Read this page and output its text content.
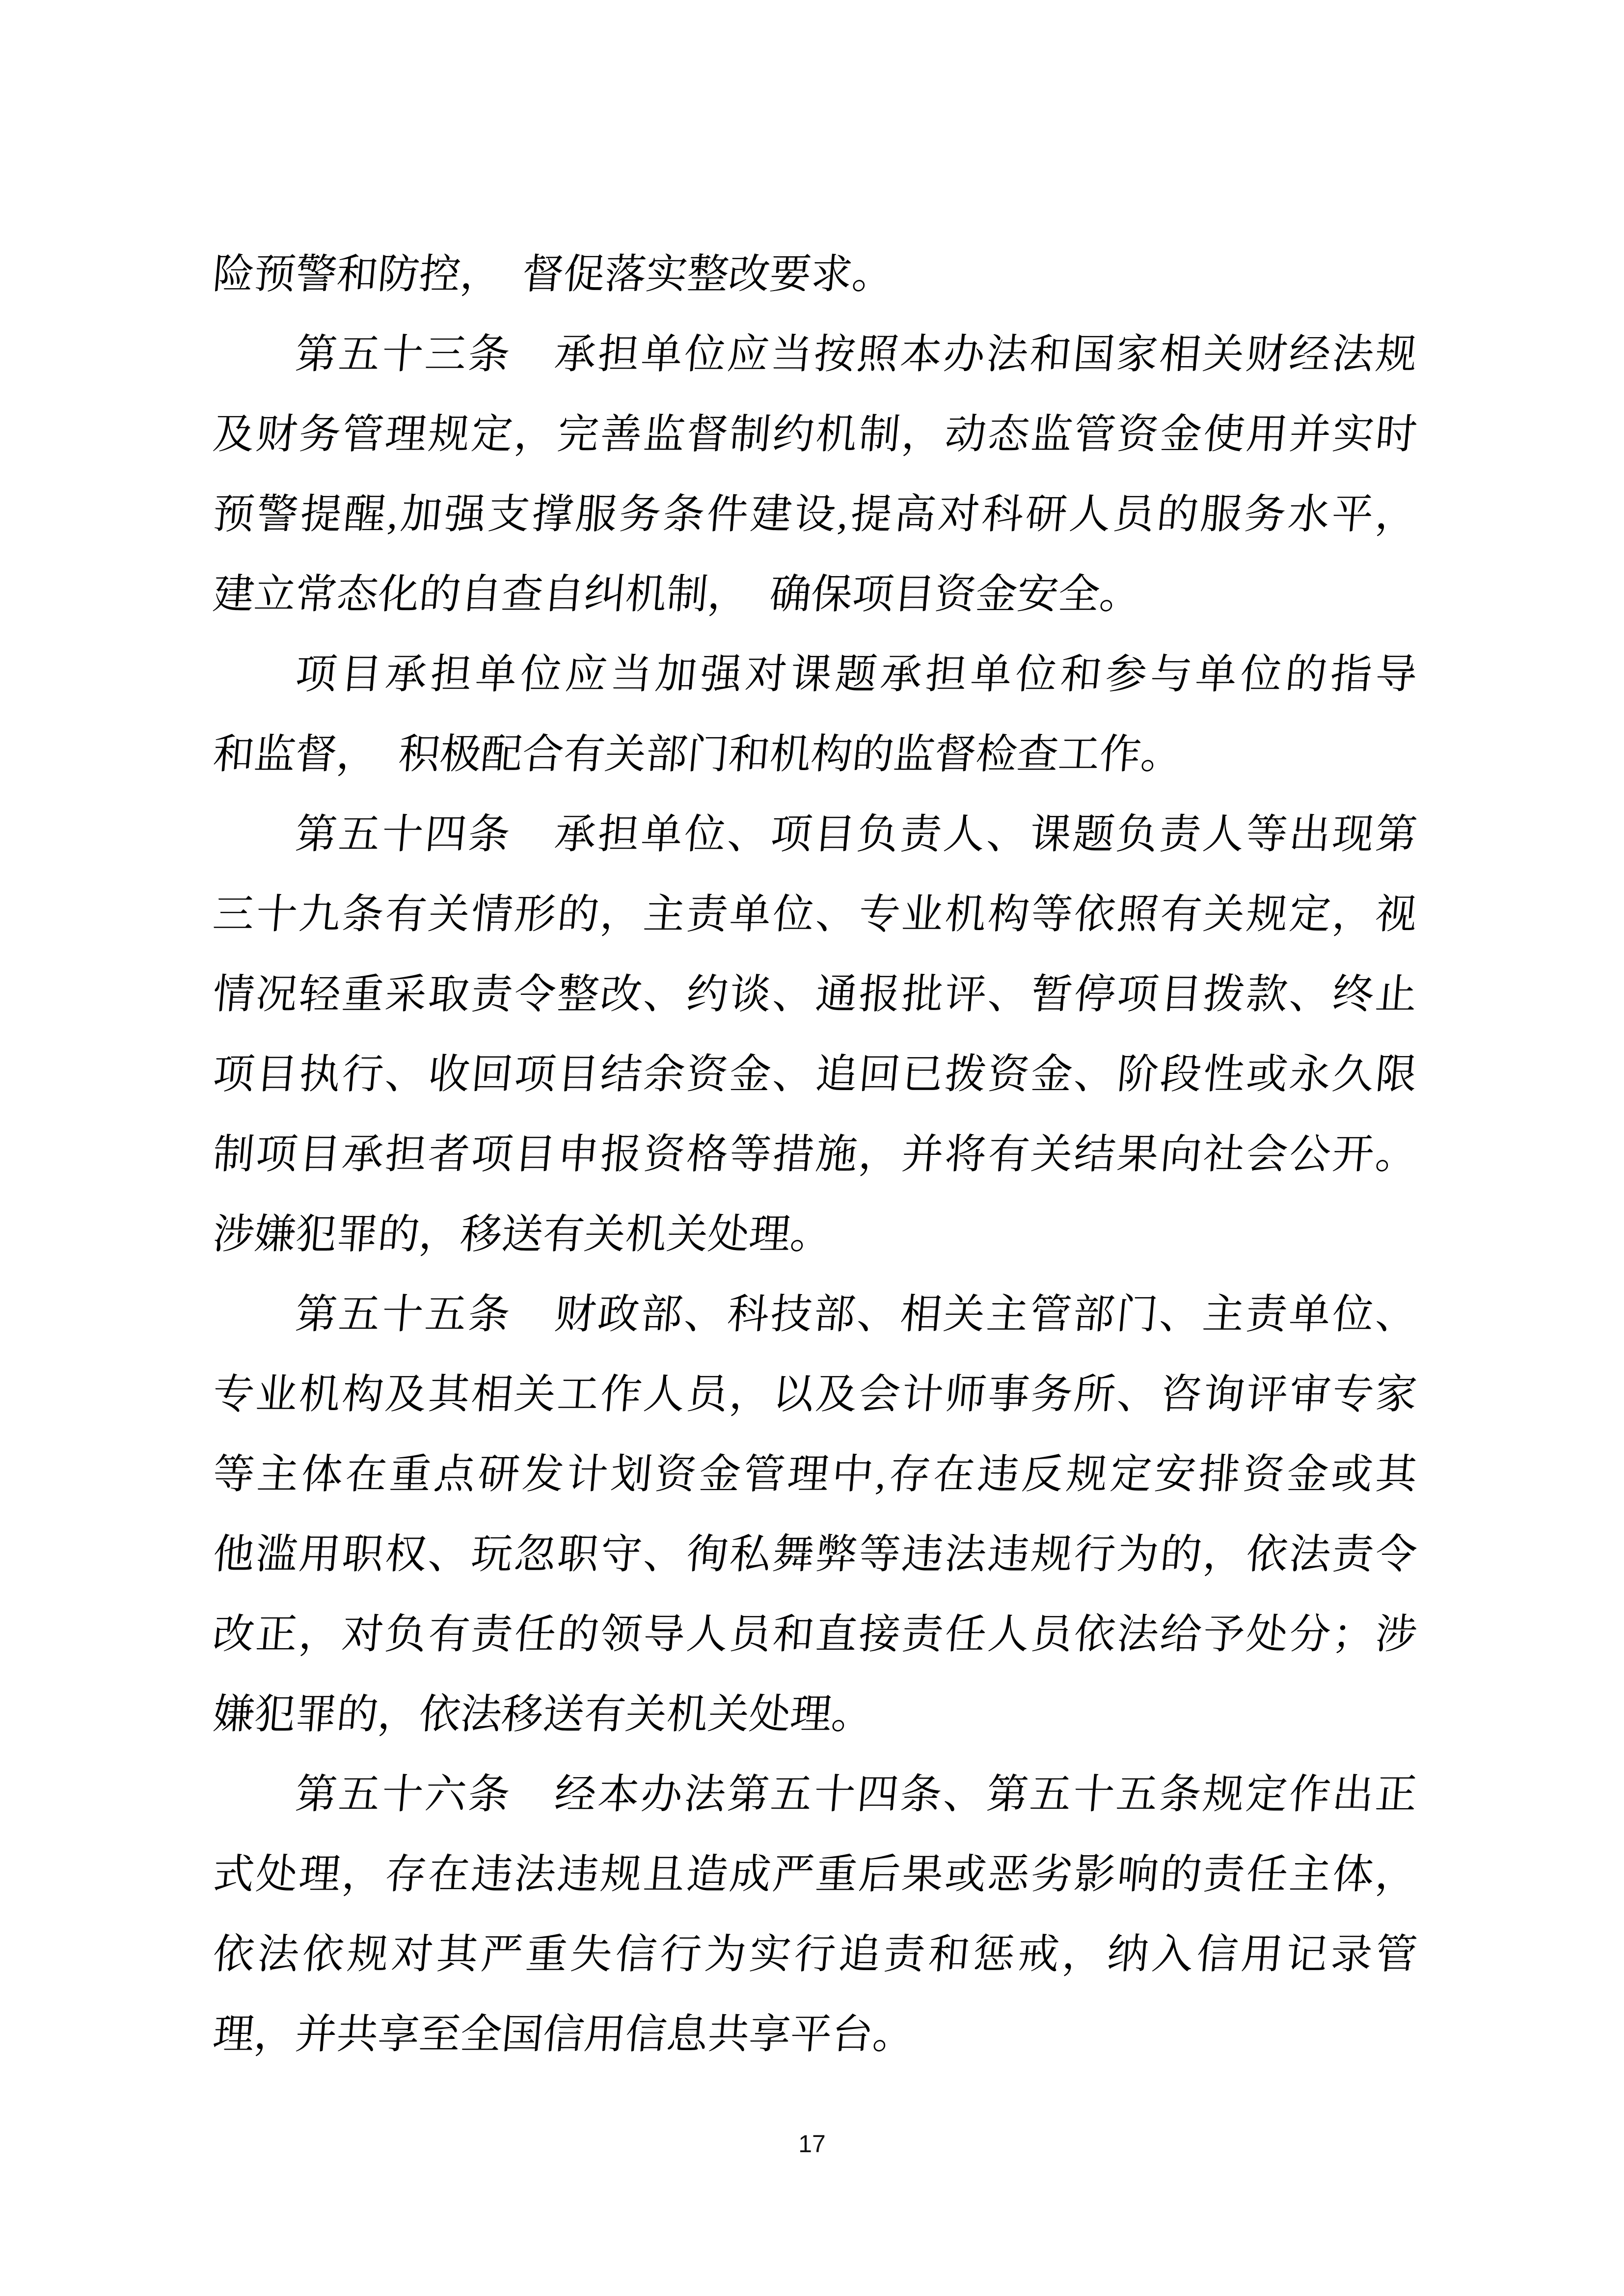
险预警和防控，　督促落实整改要求。
第五十三条　承担单位应当按照本办法和国家相关财经法规
及财务管理规定，完善监督制约机制，动态监管资金使用并实时
预警提醒,加强支撑服务条件建设,提高对科研人员的服务水平，
建立常态化的自查自纠机制，　确保项目资金安全。
项目承担单位应当加强对课题承担单位和参与单位的指导
和监督，　积极配合有关部门和机构的监督检查工作。
第五十四条　承担单位、项目负责人、课题负责人等出现第
三十九条有关情形的，主责单位、专业机构等依照有关规定，视
情况轻重采取责令整改、约谈、通报批评、暂停项目拨款、终止
项目执行、收回项目结余资金、追回已拨资金、阶段性或永久限
制项目承担者项目申报资格等措施，并将有关结果向社会公开。
涉嫌犯罪的，移送有关机关处理。
第五十五条　财政部、科技部、相关主管部门、主责单位、
专业机构及其相关工作人员，以及会计师事务所、咨询评审专家
等主体在重点研发计划资金管理中,存在违反规定安排资金或其
他滥用职权、玩忽职守、徇私舞弊等违法违规行为的，依法责令
改正，对负有责任的领导人员和直接责任人员依法给予处分；涉
嫌犯罪的，依法移送有关机关处理。
第五十六条　经本办法第五十四条、第五十五条规定作出正
式处理，存在违法违规且造成严重后果或恶劣影响的责任主体，
依法依规对其严重失信行为实行追责和惩戒，纳入信用记录管
理，并共享至全国信用信息共享平台。
17
